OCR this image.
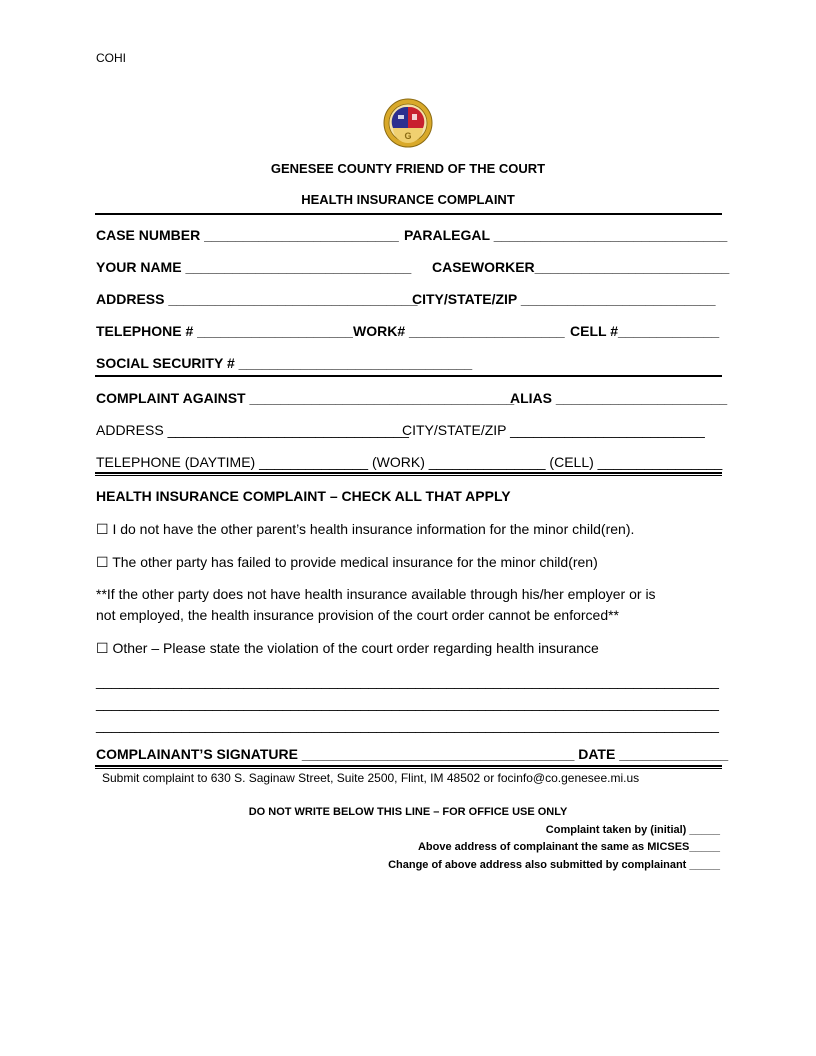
COHI
G
GENESEE COUNTY FRIEND OF THE COURT
HEALTH INSURANCE COMPLAINT
CASE NUMBER _________________________ PARALEGAL ______________________________
YOUR NAME _____________________________ CASEWORKER_________________________
ADDRESS ________________________________
CITY/STATE/ZIP _________________________
TELEPHONE # ____________________ WORK# ____________________ CELL #_____________
SOCIAL SECURITY # ______________________________
COMPLAINT AGAINST __________________________________
ALIAS ______________________
ADDRESS _______________________________
CITY/STATE/ZIP _________________________
TELEPHONE (DAYTIME) ______________ (WORK) _______________ (CELL) ________________
HEALTH INSURANCE COMPLAINT – CHECK ALL THAT APPLY
☐ I do not have the other parent’s health insurance information for the minor child(ren).
☐ The other party has failed to provide medical insurance for the minor child(ren)
**If the other party does not have health insurance available through his/her employer or is
not employed, the health insurance provision of the court order cannot be enforced**
☐ Other – Please state the violation of the court order regarding health insurance
________________________________________________________________________________
________________________________________________________________________________
________________________________________________________________________________
COMPLAINANT’S SIGNATURE ___________________________________ DATE ______________
Submit complaint to 630 S. Saginaw Street, Suite 2500, Flint, IM 48502 or focinfo@co.genesee.mi.us
DO NOT WRITE BELOW THIS LINE – FOR OFFICE USE ONLY
Complaint taken by (initial) _____
Above address of complainant the same as MICSES_____
Change of above address also submitted by complainant _____
